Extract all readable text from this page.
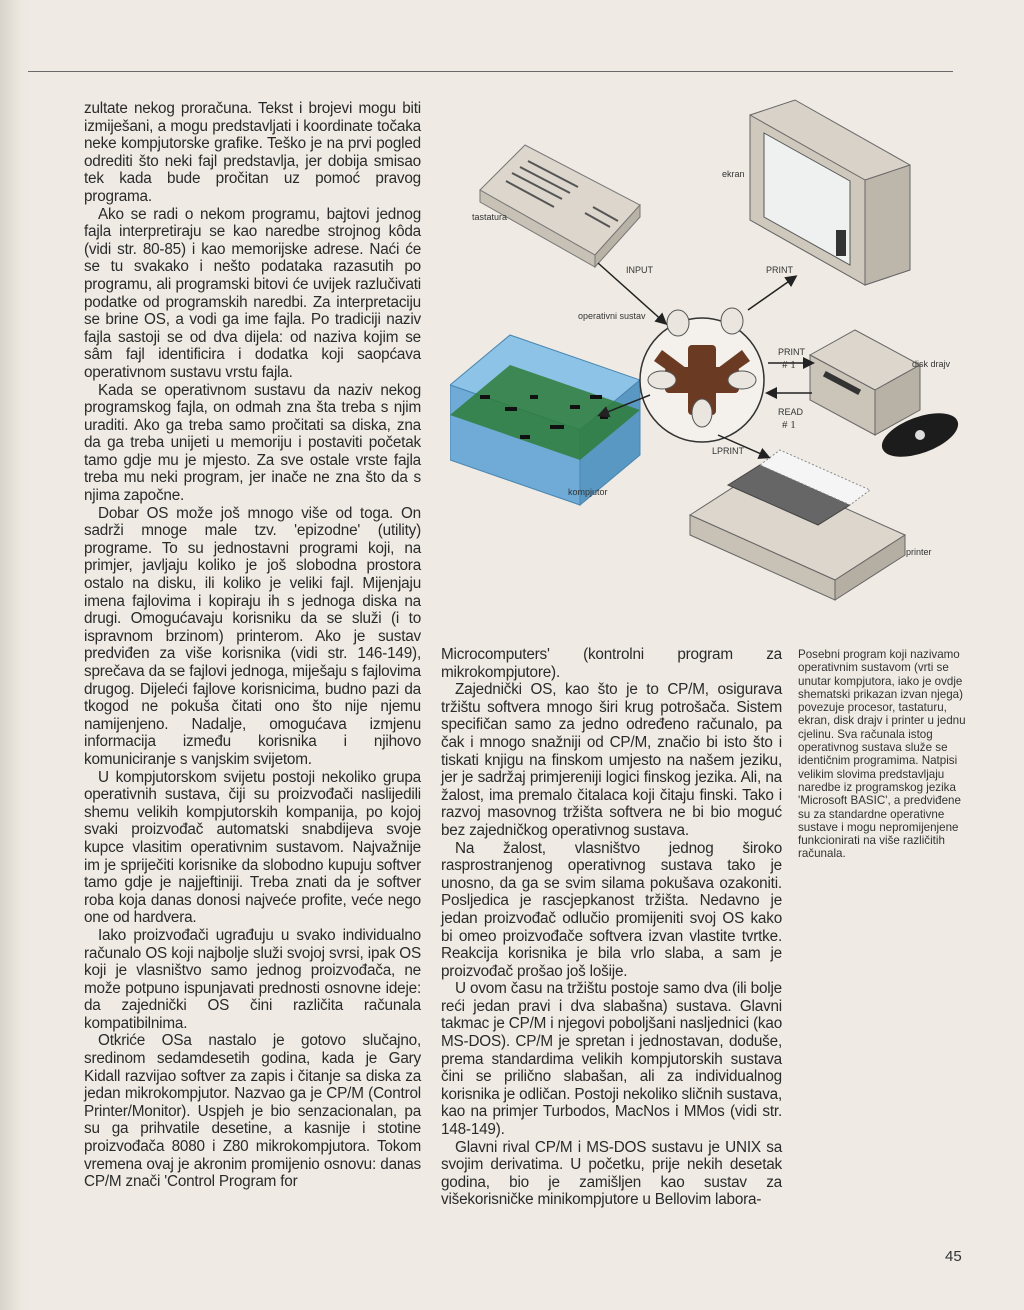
zultate nekog proračuna. Tekst i brojevi mogu biti izmiješani, a mogu predstavljati i koordinate točaka neke kompjutorske grafike. Teško je na prvi pogled odrediti što neki fajl predstavlja, jer dobija smisao tek kada bude pročitan uz pomoć pravog programa.

Ako se radi o nekom programu, bajtovi jednog fajla interpretiraju se kao naredbe strojnog kôda (vidi str. 80-85) i kao memorijske adrese. Naći će se tu svakako i nešto podataka razasutih po programu, ali programski bitovi će uvijek razlučivati podatke od programskih naredbi. Za interpretaciju se brine OS, a vodi ga ime fajla. Po tradiciji naziv fajla sastoji se od dva dijela: od naziva kojim se sâm fajl identificira i dodatka koji saopćava operativnom sustavu vrstu fajla.

Kada se operativnom sustavu da naziv nekog programskog fajla, on odmah zna šta treba s njim uraditi. Ako ga treba samo pročitati sa diska, zna da ga treba unijeti u memoriju i postaviti početak tamo gdje mu je mjesto. Za sve ostale vrste fajla treba mu neki program, jer inače ne zna što da s njima započne.

Dobar OS može još mnogo više od toga. On sadrži mnoge male tzv. 'epizodne' (utility) programe. To su jednostavni programi koji, na primjer, javljaju koliko je još slobodna prostora ostalo na disku, ili koliko je veliki fajl. Mijenjaju imena fajlovima i kopiraju ih s jednoga diska na drugi. Omogućavaju korisniku da se služi (i to ispravnom brzinom) printerom. Ako je sustav predviđen za više korisnika (vidi str. 146-149), sprečava da se fajlovi jednoga, miješaju s fajlovima drugog. Dijeleći fajlove korisnicima, budno pazi da tkogod ne pokuša čitati ono što nije njemu namijenjeno. Nadalje, omogućava izmjenu informacija između korisnika i njihovo komuniciranje s vanjskim svijetom.

U kompjutorskom svijetu postoji nekoliko grupa operativnih sustava, čiji su proizvođači naslijedili shemu velikih kompjutorskih kompanija, po kojoj svaki proizvođač automatski snabdijeva svoje kupce vlasitim operativnim sustavom. Najvažnije im je spriječiti korisnike da slobodno kupuju softver tamo gdje je najjeftiniji. Treba znati da je softver roba koja danas donosi najveće profite, veće nego one od hardvera.

Iako proizvođači ugrađuju u svako individualno računalo OS koji najbolje služi svojoj svrsi, ipak OS koji je vlasništvo samo jednog proizvođača, ne može potpuno ispunjavati prednosti osnovne ideje: da zajednički OS čini različita računala kompatibilnima.

Otkriće OSa nastalo je gotovo slučajno, sredinom sedamdesetih godina, kada je Gary Kidall razvijao softver za zapis i čitanje sa diska za jedan mikrokompjutor. Nazvao ga je CP/M (Control Printer/Monitor). Uspjeh je bio senzacionalan, pa su ga prihvatile desetine, a kasnije i stotine proizvođača 8080 i Z80 mikrokompjutora. Tokom vremena ovaj je akronim promijenio osnovu: danas CP/M znači 'Control Program for

Microcomputers' (kontrolni program za mikrokompjutore).

Zajednički OS, kao što je to CP/M, osigurava tržištu softvera mnogo širi krug potrošača. Sistem specifičan samo za jedno određeno računalo, pa čak i mnogo snažniji od CP/M, značio bi isto što i tiskati knjigu na finskom umjesto na našem jeziku, jer je sadržaj primjereniji logici finskog jezika. Ali, na žalost, ima premalo čitalaca koji čitaju finski. Tako i razvoj masovnog tržišta softvera ne bi bio moguć bez zajedničkog operativnog sustava.

Na žalost, vlasništvo jednog široko rasprostranjenog operativnog sustava tako je unosno, da ga se svim silama pokušava ozakoniti. Posljedica je rascjepkanost tržišta. Nedavno je jedan proizvođač odlučio promijeniti svoj OS kako bi omeo proizvođače softvera izvan vlastite tvrtke. Reakcija korisnika je bila vrlo slaba, a sam je proizvođač prošao još lošije.

U ovom času na tržištu postoje samo dva (ili bolje reći jedan pravi i dva slabašna) sustava. Glavni takmac je CP/M i njegovi poboljšani nasljednici (kao MS-DOS). CP/M je spretan i jednostavan, doduše, prema standardima velikih kompjutorskih sustava čini se prilično slabašan, ali za individualnog korisnika je odličan. Postoji nekoliko sličnih sustava, kao na primjer Turbodos, MacNos i MMos (vidi str. 148-149).

Glavni rival CP/M i MS-DOS sustavu je UNIX sa svojim derivatima. U početku, prije nekih desetak godina, bio je zamišljen kao sustav za višekorisničke minikompjutore u Bellovim labora-

Posebni program koji nazivamo operativnim sustavom (vrti se unutar kompjutora, iako je ovdje shematski prikazan izvan njega) povezuje procesor, tastaturu, ekran, disk drajv i printer u jednu cjelinu. Sva računala istog operativnog sustava služe se identičnim programima. Natpisi velikim slovima predstavljaju naredbe iz programskog jezika 'Microsoft BASIC', a predviđene su za standardne operativne sustave i mogu nepromijenjene funkcionirati na više različitih računala.
45
tastatura
ekran
kompjutor
operativni sustav
disk drajv
printer
INPUT	PRINT
PRINT
# 1
READ
# 1
LPRINT
